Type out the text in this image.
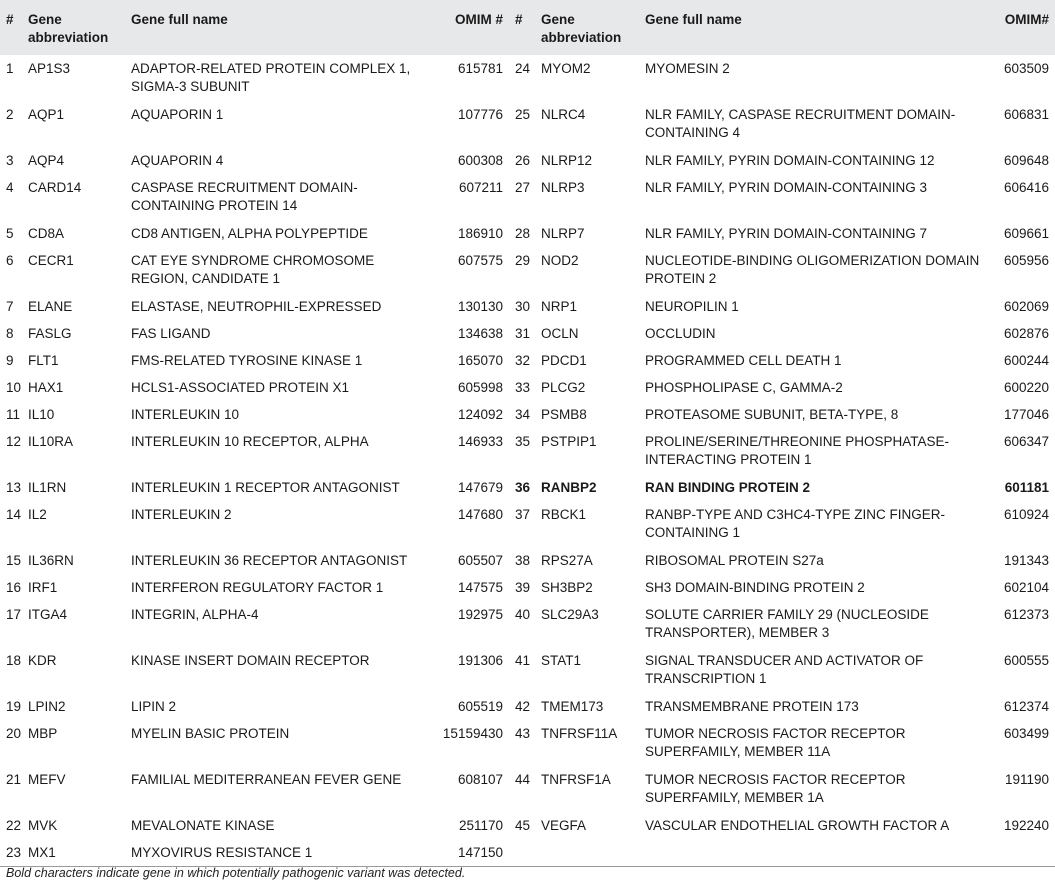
#	Gene abbreviation	Gene full name	OMIM #	#	Gene abbreviation	Gene full name	OMIM#
1	AP1S3	ADAPTOR-RELATED PROTEIN COMPLEX 1, SIGMA-3 SUBUNIT	615781	24	MYOM2	MYOMESIN 2	603509
2	AQP1	AQUAPORIN 1	107776	25	NLRC4	NLR FAMILY, CASPASE RECRUITMENT DOMAIN-CONTAINING 4	606831
3	AQP4	AQUAPORIN 4	600308	26	NLRP12	NLR FAMILY, PYRIN DOMAIN-CONTAINING 12	609648
4	CARD14	CASPASE RECRUITMENT DOMAIN-CONTAINING PROTEIN 14	607211	27	NLRP3	NLR FAMILY, PYRIN DOMAIN-CONTAINING 3	606416
5	CD8A	CD8 ANTIGEN, ALPHA POLYPEPTIDE	186910	28	NLRP7	NLR FAMILY, PYRIN DOMAIN-CONTAINING 7	609661
6	CECR1	CAT EYE SYNDROME CHROMOSOME REGION, CANDIDATE 1	607575	29	NOD2	NUCLEOTIDE-BINDING OLIGOMERIZATION DOMAIN PROTEIN 2	605956
7	ELANE	ELASTASE, NEUTROPHIL-EXPRESSED	130130	30	NRP1	NEUROPILIN 1	602069
8	FASLG	FAS LIGAND	134638	31	OCLN	OCCLUDIN	602876
9	FLT1	FMS-RELATED TYROSINE KINASE 1	165070	32	PDCD1	PROGRAMMED CELL DEATH 1	600244
10	HAX1	HCLS1-ASSOCIATED PROTEIN X1	605998	33	PLCG2	PHOSPHOLIPASE C, GAMMA-2	600220
11	IL10	INTERLEUKIN 10	124092	34	PSMB8	PROTEASOME SUBUNIT, BETA-TYPE, 8	177046
12	IL10RA	INTERLEUKIN 10 RECEPTOR, ALPHA	146933	35	PSTPIP1	PROLINE/SERINE/THREONINE PHOSPHATASE-INTERACTING PROTEIN 1	606347
13	IL1RN	INTERLEUKIN 1 RECEPTOR ANTAGONIST	147679	36	RANBP2	RAN BINDING PROTEIN 2	601181
14	IL2	INTERLEUKIN 2	147680	37	RBCK1	RANBP-TYPE AND C3HC4-TYPE ZINC FINGER-CONTAINING 1	610924
15	IL36RN	INTERLEUKIN 36 RECEPTOR ANTAGONIST	605507	38	RPS27A	RIBOSOMAL PROTEIN S27a	191343
16	IRF1	INTERFERON REGULATORY FACTOR 1	147575	39	SH3BP2	SH3 DOMAIN-BINDING PROTEIN 2	602104
17	ITGA4	INTEGRIN, ALPHA-4	192975	40	SLC29A3	SOLUTE CARRIER FAMILY 29 (NUCLEOSIDE TRANSPORTER), MEMBER 3	612373
18	KDR	KINASE INSERT DOMAIN RECEPTOR	191306	41	STAT1	SIGNAL TRANSDUCER AND ACTIVATOR OF TRANSCRIPTION 1	600555
19	LPIN2	LIPIN 2	605519	42	TMEM173	TRANSMEMBRANE PROTEIN 173	612374
20	MBP	MYELIN BASIC PROTEIN	15159430	43	TNFRSF11A	TUMOR NECROSIS FACTOR RECEPTOR SUPERFAMILY, MEMBER 11A	603499
21	MEFV	FAMILIAL MEDITERRANEAN FEVER GENE	608107	44	TNFRSF1A	TUMOR NECROSIS FACTOR RECEPTOR SUPERFAMILY, MEMBER 1A	191190
22	MVK	MEVALONATE KINASE	251170	45	VEGFA	VASCULAR ENDOTHELIAL GROWTH FACTOR A	192240
23	MX1	MYXOVIRUS RESISTANCE 1	147150				
Bold characters indicate gene in which potentially pathogenic variant was detected.
